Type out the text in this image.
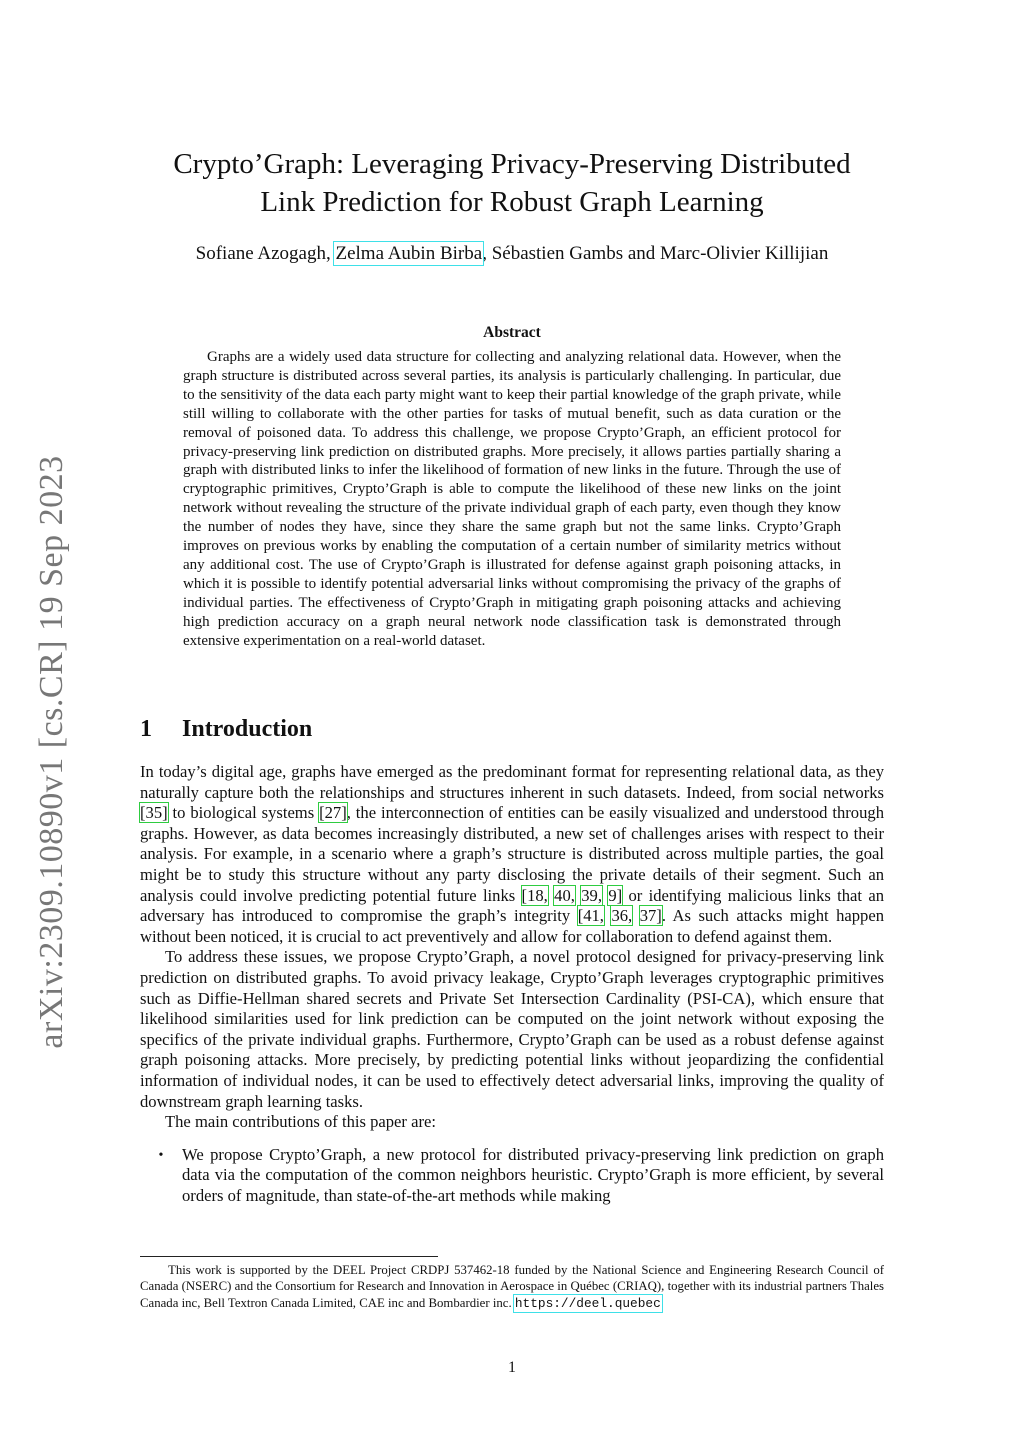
arXiv:2309.10890v1 [cs.CR] 19 Sep 2023
Crypto’Graph: Leveraging Privacy-Preserving Distributed
Link Prediction for Robust Graph Learning
Sofiane Azogagh, Zelma Aubin Birba, Sébastien Gambs and Marc-Olivier Killijian
Abstract

Graphs are a widely used data structure for collecting and analyzing relational data. However, when the graph structure is distributed across several parties, its analysis is particularly challenging. In particular, due to the sensitivity of the data each party might want to keep their partial knowledge of the graph private, while still willing to collaborate with the other parties for tasks of mutual benefit, such as data curation or the removal of poisoned data. To address this challenge, we propose Crypto’Graph, an efficient protocol for privacy-preserving link prediction on distributed graphs. More precisely, it allows parties partially sharing a graph with distributed links to infer the likelihood of formation of new links in the future. Through the use of cryptographic primitives, Crypto’Graph is able to compute the likelihood of these new links on the joint network without revealing the structure of the private individual graph of each party, even though they know the number of nodes they have, since they share the same graph but not the same links. Crypto’Graph improves on previous works by enabling the computation of a certain number of similarity metrics without any additional cost. The use of Crypto’Graph is illustrated for defense against graph poisoning attacks, in which it is possible to identify potential adversarial links without compromising the privacy of the graphs of individual parties. The effectiveness of Crypto’Graph in mitigating graph poisoning attacks and achieving high prediction accuracy on a graph neural network node classification task is demonstrated through extensive experimentation on a real-world dataset.

1 Introduction

In today’s digital age, graphs have emerged as the predominant format for representing relational data, as they naturally capture both the relationships and structures inherent in such datasets. Indeed, from social networks [35] to biological systems [27], the interconnection of entities can be easily visualized and understood through graphs. However, as data becomes increasingly distributed, a new set of challenges arises with respect to their analysis. For example, in a scenario where a graph’s structure is distributed across multiple parties, the goal might be to study this structure without any party disclosing the private details of their segment. Such an analysis could involve predicting potential future links [18, 40, 39, 9] or identifying malicious links that an adversary has introduced to compromise the graph’s integrity [41, 36, 37]. As such attacks might happen without been noticed, it is crucial to act preventively and allow for collaboration to defend against them.

To address these issues, we propose Crypto’Graph, a novel protocol designed for privacy-preserving link prediction on distributed graphs. To avoid privacy leakage, Crypto’Graph leverages cryptographic primitives such as Diffie-Hellman shared secrets and Private Set Intersection Cardinality (PSI-CA), which ensure that likelihood similarities used for link prediction can be computed on the joint network without exposing the specifics of the private individual graphs. Furthermore, Crypto’Graph can be used as a robust defense against graph poisoning attacks. More precisely, by predicting potential links without jeopardizing the confidential information of individual nodes, it can be used to effectively detect adversarial links, improving the quality of downstream graph learning tasks.

The main contributions of this paper are:

•	We propose Crypto’Graph, a new protocol for distributed privacy-preserving link prediction on graph data via the computation of the common neighbors heuristic. Crypto’Graph is more efficient, by several orders of magnitude, than state-of-the-art methods while making

This work is supported by the DEEL Project CRDPJ 537462-18 funded by the National Science and Engineering Research Council of Canada (NSERC) and the Consortium for Research and Innovation in Aerospace in Québec (CRIAQ), together with its industrial partners Thales Canada inc, Bell Textron Canada Limited, CAE inc and Bombardier inc. https://deel.quebec

1
